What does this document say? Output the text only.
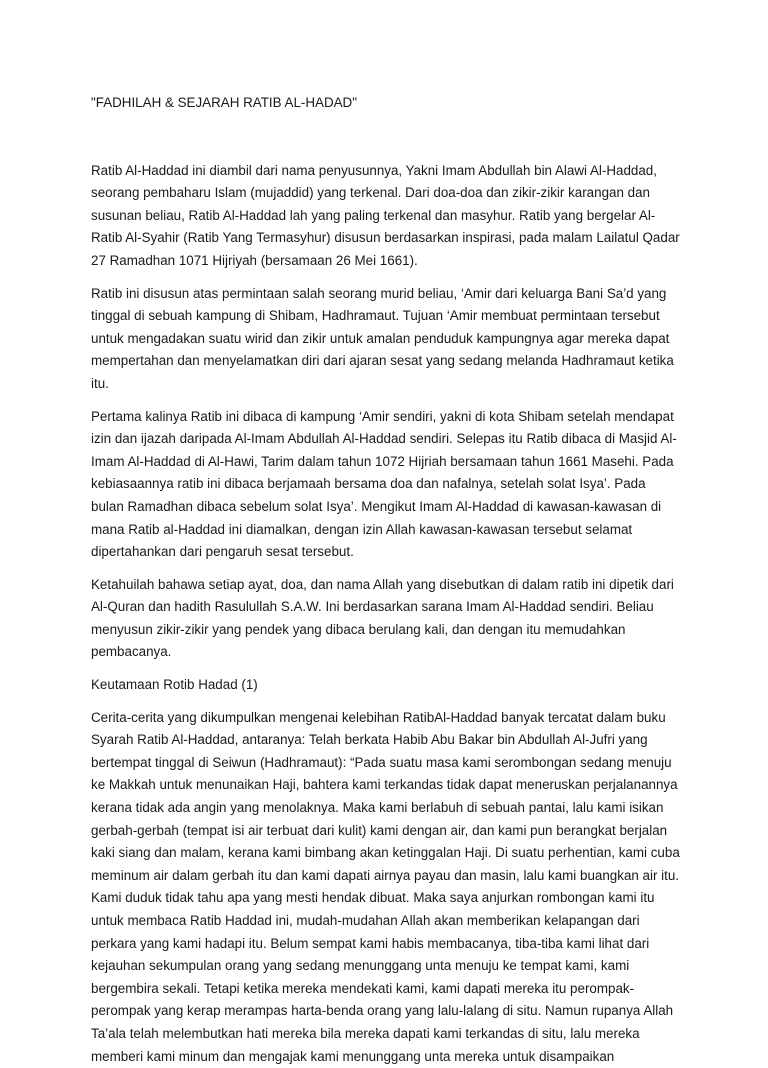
"FADHILAH & SEJARAH RATIB AL-HADAD"

Ratib Al-Haddad ini diambil dari nama penyusunnya, Yakni Imam Abdullah bin Alawi Al-Haddad, seorang pembaharu Islam (mujaddid) yang terkenal. Dari doa-doa dan zikir-zikir karangan dan susunan beliau, Ratib Al-Haddad lah yang paling terkenal dan masyhur. Ratib yang bergelar Al-Ratib Al-Syahir (Ratib Yang Termasyhur) disusun berdasarkan inspirasi, pada malam Lailatul Qadar 27 Ramadhan 1071 Hijriyah (bersamaan 26 Mei 1661).

Ratib ini disusun atas permintaan salah seorang murid beliau, ‘Amir dari keluarga Bani Sa’d yang tinggal di sebuah kampung di Shibam, Hadhramaut. Tujuan ‘Amir membuat permintaan tersebut untuk mengadakan suatu wirid dan zikir untuk amalan penduduk kampungnya agar mereka dapat mempertahan dan menyelamatkan diri dari ajaran sesat yang sedang melanda Hadhramaut ketika itu.

Pertama kalinya Ratib ini dibaca di kampung ‘Amir sendiri, yakni di kota Shibam setelah mendapat izin dan ijazah daripada Al-Imam Abdullah Al-Haddad sendiri. Selepas itu Ratib dibaca di Masjid Al-Imam Al-Haddad di Al-Hawi, Tarim dalam tahun 1072 Hijriah bersamaan tahun 1661 Masehi. Pada kebiasaannya ratib ini dibaca berjamaah bersama doa dan nafalnya, setelah solat Isya’. Pada bulan Ramadhan dibaca sebelum solat Isya’. Mengikut Imam Al-Haddad di kawasan-kawasan di mana Ratib al-Haddad ini diamalkan, dengan izin Allah kawasan-kawasan tersebut selamat dipertahankan dari pengaruh sesat tersebut.

Ketahuilah bahawa setiap ayat, doa, dan nama Allah yang disebutkan di dalam ratib ini dipetik dari Al-Quran dan hadith Rasulullah S.A.W. Ini berdasarkan sarana Imam Al-Haddad sendiri. Beliau menyusun zikir-zikir yang pendek yang dibaca berulang kali, dan dengan itu memudahkan pembacanya.

Keutamaan Rotib Hadad (1)

Cerita-cerita yang dikumpulkan mengenai kelebihan RatibAl-Haddad banyak tercatat dalam buku Syarah Ratib Al-Haddad, antaranya: Telah berkata Habib Abu Bakar bin Abdullah Al-Jufri yang bertempat tinggal di Seiwun (Hadhramaut): “Pada suatu masa kami serombongan sedang menuju ke Makkah untuk menunaikan Haji, bahtera kami terkandas tidak dapat meneruskan perjalanannya kerana tidak ada angin yang menolaknya. Maka kami berlabuh di sebuah pantai, lalu kami isikan gerbah-gerbah (tempat isi air terbuat dari kulit) kami dengan air, dan kami pun berangkat berjalan kaki siang dan malam, kerana kami bimbang akan ketinggalan Haji. Di suatu perhentian, kami cuba meminum air dalam gerbah itu dan kami dapati airnya payau dan masin, lalu kami buangkan air itu. Kami duduk tidak tahu apa yang mesti hendak dibuat. Maka saya anjurkan rombongan kami itu untuk membaca Ratib Haddad ini, mudah-mudahan Allah akan memberikan kelapangan dari perkara yang kami hadapi itu. Belum sempat kami habis membacanya, tiba-tiba kami lihat dari kejauhan sekumpulan orang yang sedang menunggang unta menuju ke tempat kami, kami bergembira sekali. Tetapi ketika mereka mendekati kami, kami dapati mereka itu perompak-perompak yang kerap merampas harta-benda orang yang lalu-lalang di situ. Namun rupanya Allah Ta’ala telah melembutkan hati mereka bila mereka dapati kami terkandas di situ, lalu mereka memberi kami minum dan mengajak kami menunggang unta mereka untuk disampaikan
